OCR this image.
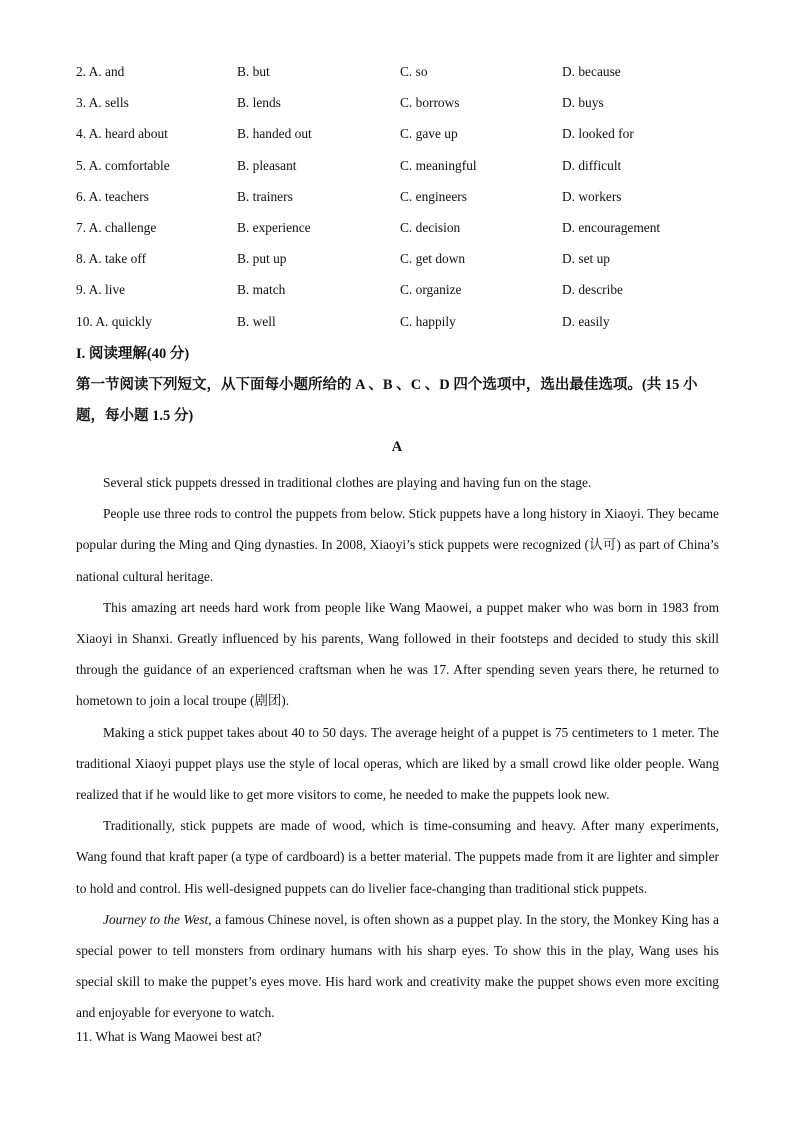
2. A. and	B. but	C. so	D. because
3. A. sells	B. lends	C. borrows	D. buys
4. A. heard about	B. handed out	C. gave up	D. looked for
5. A. comfortable	B. pleasant	C. meaningful	D. difficult
6. A. teachers	B. trainers	C. engineers	D. workers
7. A. challenge	B. experience	C. decision	D. encouragement
8. A. take off	B. put up	C. get down	D. set up
9. A. live	B. match	C. organize	D. describe
10. A. quickly	B. well	C. happily	D. easily
I. 阅读理解(40 分)
第一节阅读下列短文，从下面每小题所给的 A 、B 、C 、D 四个选项中，选出最佳选项。(共 15 小题，每小题 1.5 分)
A

Several stick puppets dressed in traditional clothes are playing and having fun on the stage.

People use three rods to control the puppets from below. Stick puppets have a long history in Xiaoyi. They became popular during the Ming and Qing dynasties. In 2008, Xiaoyi’s stick puppets were recognized (认可) as part of China’s national cultural heritage.

This amazing art needs hard work from people like Wang Maowei, a puppet maker who was born in 1983 from Xiaoyi in Shanxi. Greatly influenced by his parents, Wang followed in their footsteps and decided to study this skill through the guidance of an experienced craftsman when he was 17. After spending seven years there, he returned to hometown to join a local troupe (剧团).

Making a stick puppet takes about 40 to 50 days. The average height of a puppet is 75 centimeters to 1 meter. The traditional Xiaoyi puppet plays use the style of local operas, which are liked by a small crowd like older people. Wang realized that if he would like to get more visitors to come, he needed to make the puppets look new.

Traditionally, stick puppets are made of wood, which is time-consuming and heavy. After many experiments, Wang found that kraft paper (a type of cardboard) is a better material. The puppets made from it are lighter and simpler to hold and control. His well-designed puppets can do livelier face-changing than traditional stick puppets.

Journey to the West, a famous Chinese novel, is often shown as a puppet play. In the story, the Monkey King has a special power to tell monsters from ordinary humans with his sharp eyes. To show this in the play, Wang uses his special skill to make the puppet’s eyes move. His hard work and creativity make the puppet shows even more exciting and enjoyable for everyone to watch.

11. What is Wang Maowei best at?
